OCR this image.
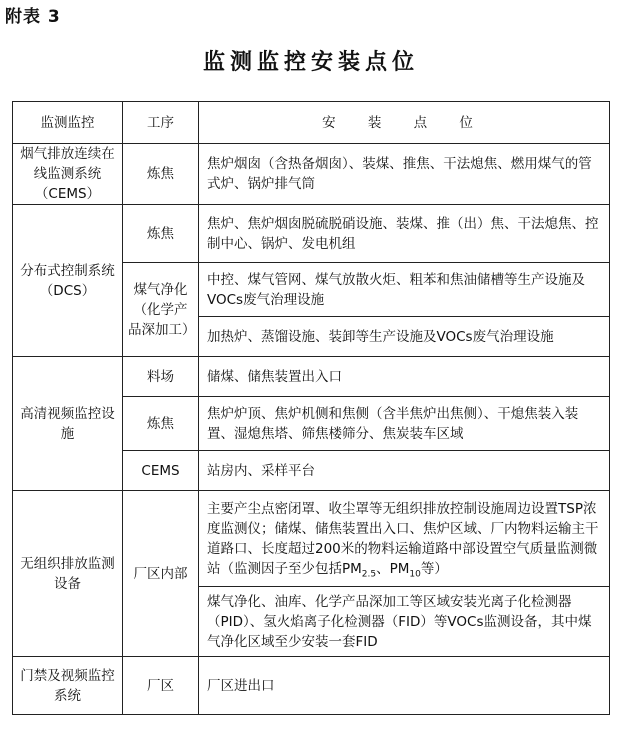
附表 3
监测监控安装点位
监测监控	工序	安 装 点 位
烟气排放连续在线监测系统（CEMS）	炼焦	焦炉烟囱（含热备烟囱）、装煤、推焦、干法熄焦、燃用煤气的管式炉、锅炉排气筒
分布式控制系统（DCS）	炼焦	焦炉、焦炉烟囱脱硫脱硝设施、装煤、推（出）焦、干法熄焦、控制中心、锅炉、发电机组
	煤气净化（化学产品深加工）	中控、煤气管网、煤气放散火炬、粗苯和焦油储槽等生产设施及VOCs废气治理设施
		加热炉、蒸馏设施、装卸等生产设施及VOCs废气治理设施
高清视频监控设施	料场	储煤、储焦装置出入口
	炼焦	焦炉炉顶、焦炉机侧和焦侧（含半焦炉出焦侧）、干熄焦装入装置、湿熄焦塔、筛焦楼筛分、焦炭装车区域
	CEMS	站房内、采样平台
无组织排放监测设备	厂区内部	主要产尘点密闭罩、收尘罩等无组织排放控制设施周边设置TSP浓度监测仪；储煤、储焦装置出入口、焦炉区域、厂内物料运输主干道路口、长度超过200米的物料运输道路中部设置空气质量监测微站（监测因子至少包括$PM_{2.5}$、$PM_{10}$等）
		煤气净化、油库、化学产品深加工等区域安装光离子化检测器（PID）、氢火焰离子化检测器（FID）等VOCs监测设备，其中煤气净化区域至少安装一套FID
门禁及视频监控系统	厂区	厂区进出口
